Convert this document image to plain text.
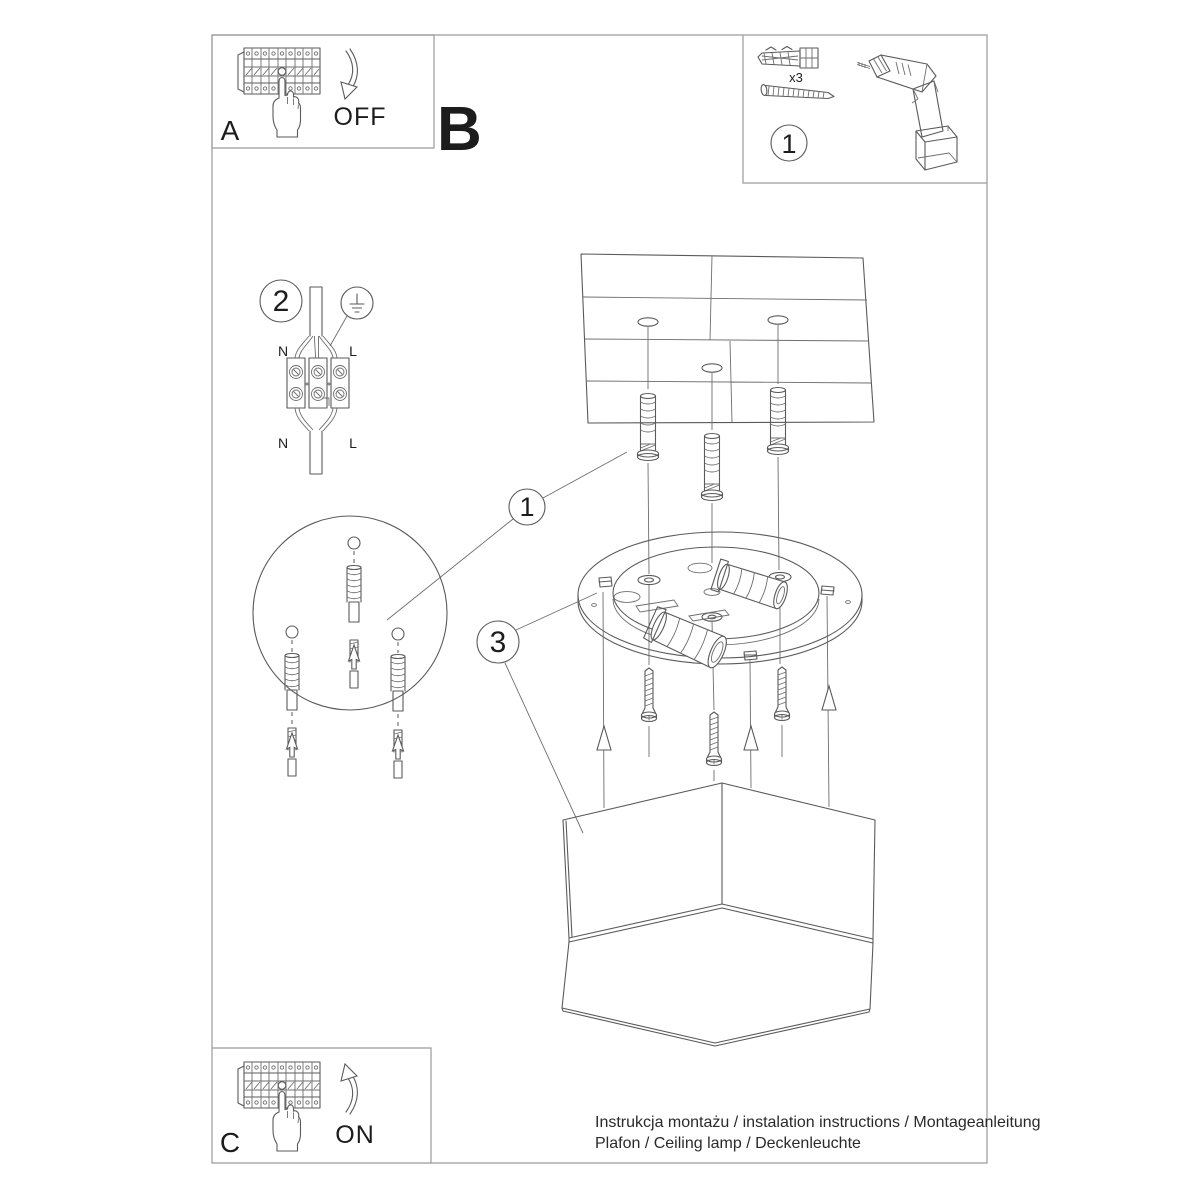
A	OFF B
x3
1
2
N	L
N	L
1
3
C	ON	Instrukcja montażu / instalation instructions / Montageanleitung
Plafon / Ceiling lamp / Deckenleuchte
